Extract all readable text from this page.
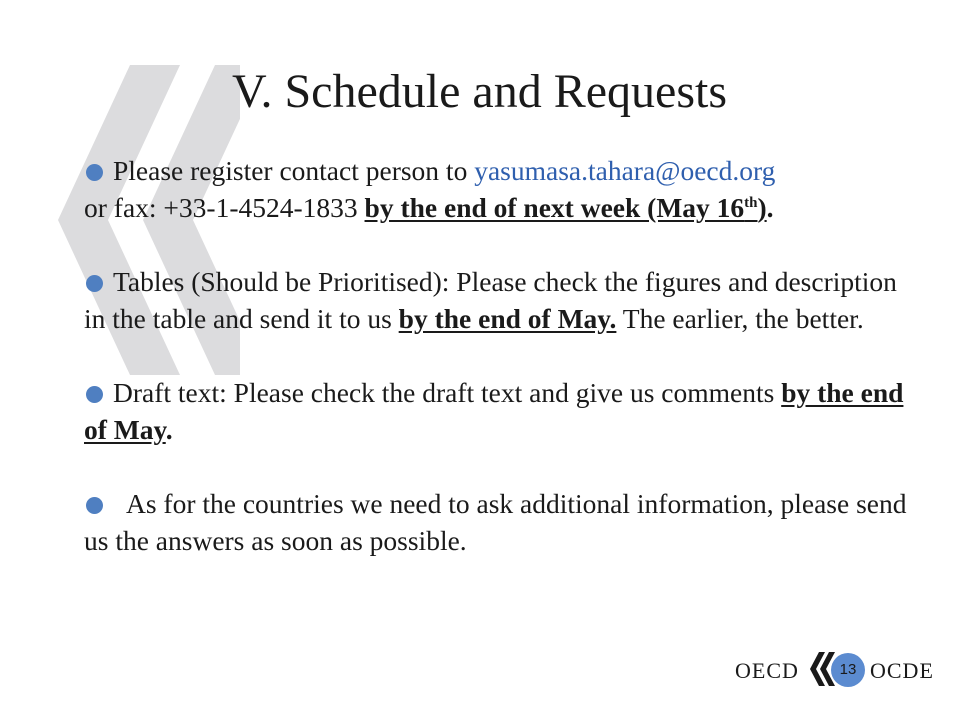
V. Schedule and Requests

Please register contact person to yasumasa.tahara@oecd.org
or fax: +33-1-4524-1833 by the end of next week (May 16th).

Tables (Should be Prioritised): Please check the figures and description in the table and send it to us by the end of May. The earlier, the better.

Draft text: Please check the draft text and give us comments by the end of May.

As for the countries we need to ask additional information, please send us the answers as soon as possible.

OECD	13 OCDE
